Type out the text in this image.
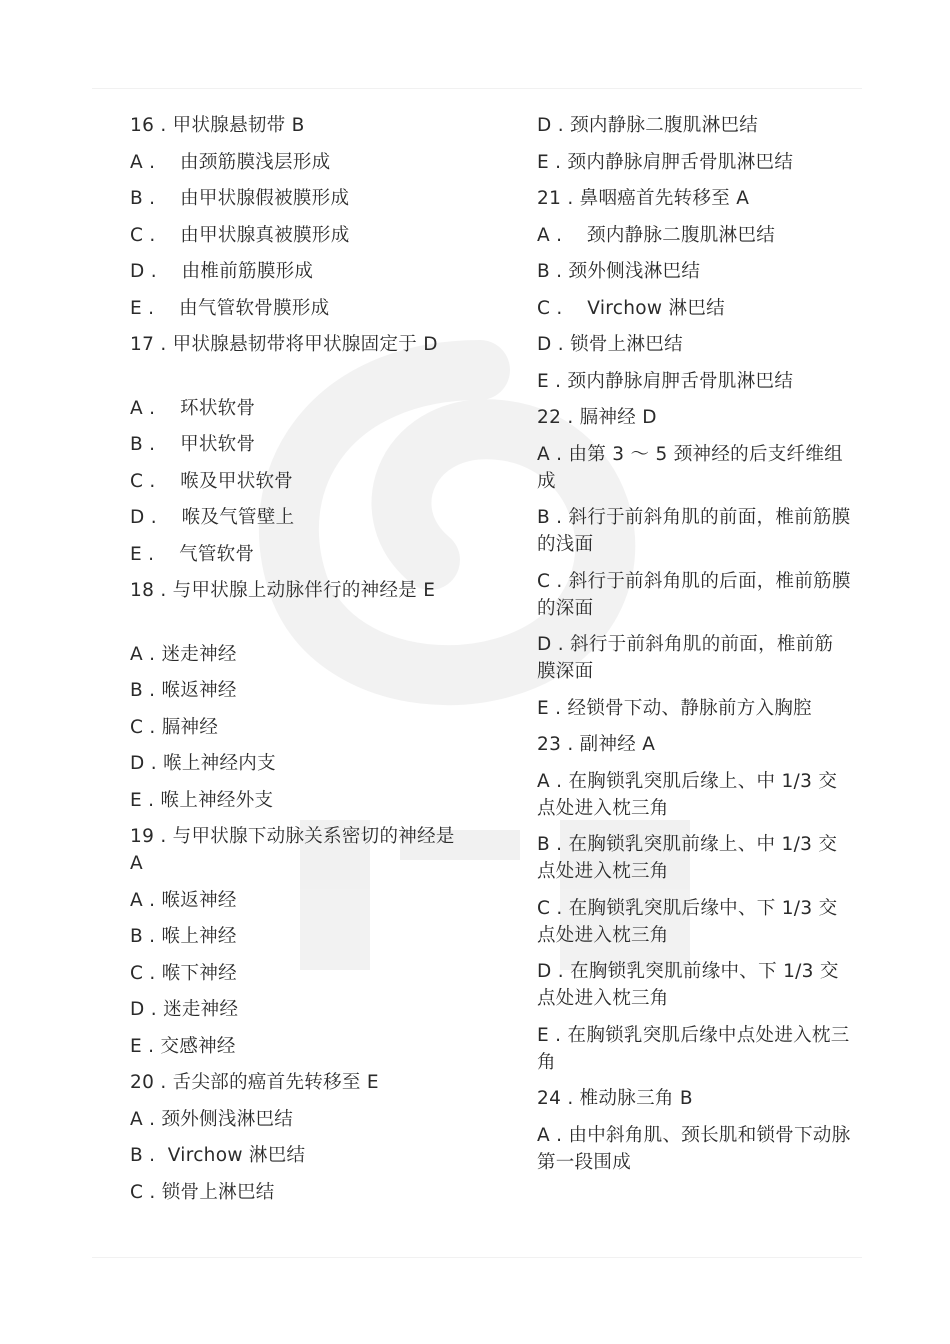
16 . 甲状腺悬韧带 B
A .    由颈筋膜浅层形成
B .    由甲状腺假被膜形成
C .    由甲状腺真被膜形成
D .    由椎前筋膜形成
E .    由气管软骨膜形成
17 . 甲状腺悬韧带将甲状腺固定于 D
A .    环状软骨
B .    甲状软骨
C .    喉及甲状软骨
D .    喉及气管壁上
E .    气管软骨
18 . 与甲状腺上动脉伴行的神经是 E
A . 迷走神经
B . 喉返神经
C . 膈神经
D . 喉上神经内支
E . 喉上神经外支
19 . 与甲状腺下动脉关系密切的神经是 A
A . 喉返神经
B . 喉上神经
C . 喉下神经
D . 迷走神经
E . 交感神经
20 . 舌尖部的癌首先转移至 E
A . 颈外侧浅淋巴结
B .  Virchow 淋巴结
C . 锁骨上淋巴结
D . 颈内静脉二腹肌淋巴结
E . 颈内静脉肩胛舌骨肌淋巴结
21 . 鼻咽癌首先转移至 A
A .    颈内静脉二腹肌淋巴结
B . 颈外侧浅淋巴结
C .    Virchow 淋巴结
D . 锁骨上淋巴结
E . 颈内静脉肩胛舌骨肌淋巴结
22 . 膈神经 D
A . 由第 3 ～ 5 颈神经的后支纤维组成
B . 斜行于前斜角肌的前面，椎前筋膜的浅面
C . 斜行于前斜角肌的后面，椎前筋膜的深面
D . 斜行于前斜角肌的前面，椎前筋膜深面
E . 经锁骨下动、静脉前方入胸腔
23 . 副神经 A
A . 在胸锁乳突肌后缘上、中 1/3 交点处进入枕三角
B . 在胸锁乳突肌前缘上、中 1/3 交点处进入枕三角
C . 在胸锁乳突肌后缘中、下 1/3 交点处进入枕三角
D . 在胸锁乳突肌前缘中、下 1/3 交点处进入枕三角
E . 在胸锁乳突肌后缘中点处进入枕三角
24 . 椎动脉三角 B
A . 由中斜角肌、颈长肌和锁骨下动脉第一段围成
